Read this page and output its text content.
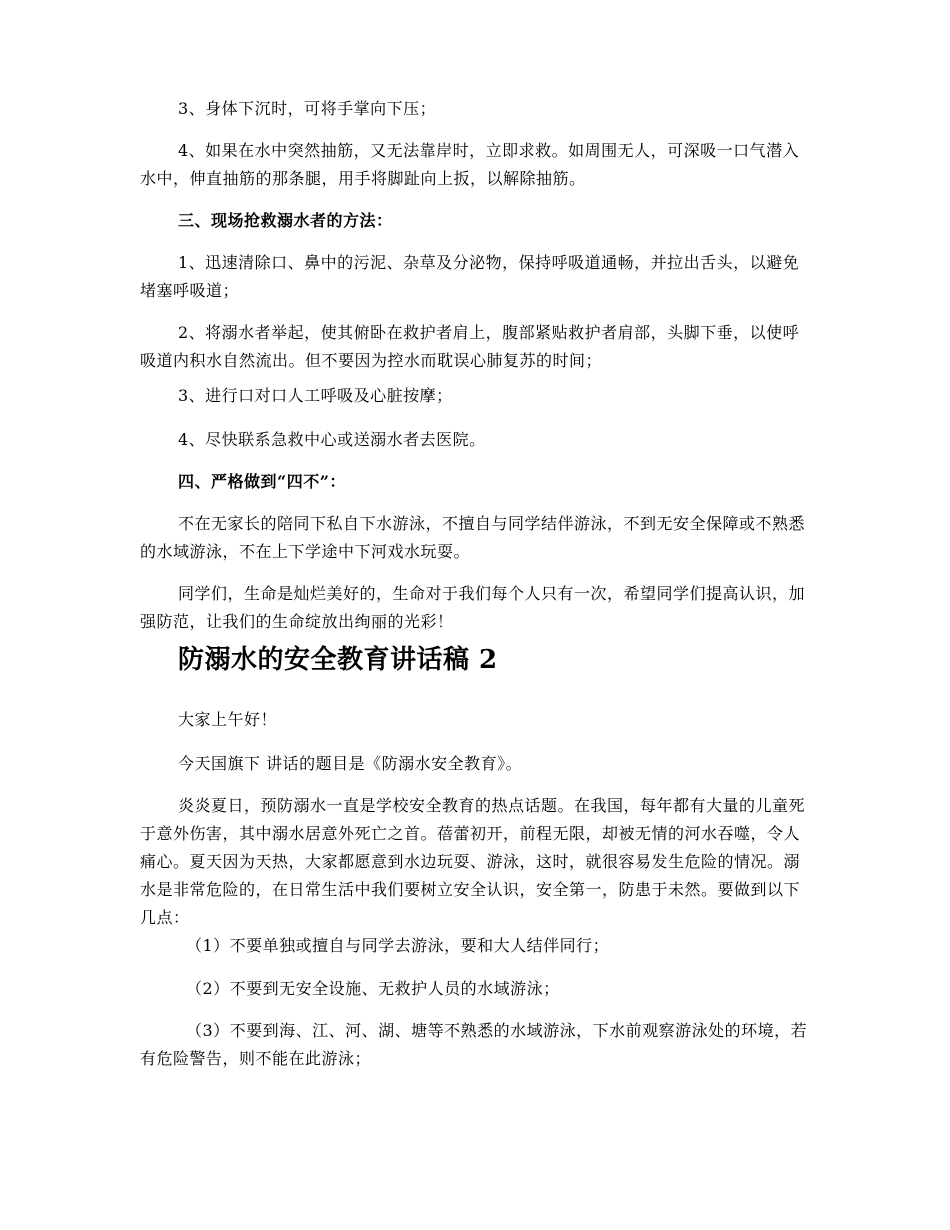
3、身体下沉时，可将手掌向下压；

4、如果在水中突然抽筋，又无法靠岸时，立即求救。如周围无人，可深吸一口气潜入水中，伸直抽筋的那条腿，用手将脚趾向上扳，以解除抽筋。

三、现场抢救溺水者的方法：

1、迅速清除口、鼻中的污泥、杂草及分泌物，保持呼吸道通畅，并拉出舌头，以避免堵塞呼吸道；

2、将溺水者举起，使其俯卧在救护者肩上，腹部紧贴救护者肩部，头脚下垂，以使呼吸道内积水自然流出。但不要因为控水而耽误心肺复苏的时间；

3、进行口对口人工呼吸及心脏按摩；

4、尽快联系急救中心或送溺水者去医院。

四、严格做到“四不”：

不在无家长的陪同下私自下水游泳，不擅自与同学结伴游泳，不到无安全保障或不熟悉的水域游泳，不在上下学途中下河戏水玩耍。

同学们，生命是灿烂美好的，生命对于我们每个人只有一次，希望同学们提高认识，加强防范，让我们的生命绽放出绚丽的光彩！

防溺水的安全教育讲话稿 2

大家上午好！

今天国旗下 讲话的题目是《防溺水安全教育》。

炎炎夏日，预防溺水一直是学校安全教育的热点话题。在我国，每年都有大量的儿童死于意外伤害，其中溺水居意外死亡之首。蓓蕾初开，前程无限，却被无情的河水吞噬，令人痛心。夏天因为天热，大家都愿意到水边玩耍、游泳，这时，就很容易发生危险的情况。溺水是非常危险的，在日常生活中我们要树立安全认识，安全第一，防患于未然。要做到以下几点：

（1）不要单独或擅自与同学去游泳，要和大人结伴同行；

（2）不要到无安全设施、无救护人员的水域游泳；

（3）不要到海、江、河、湖、塘等不熟悉的水域游泳，下水前观察游泳处的环境，若有危险警告，则不能在此游泳；
